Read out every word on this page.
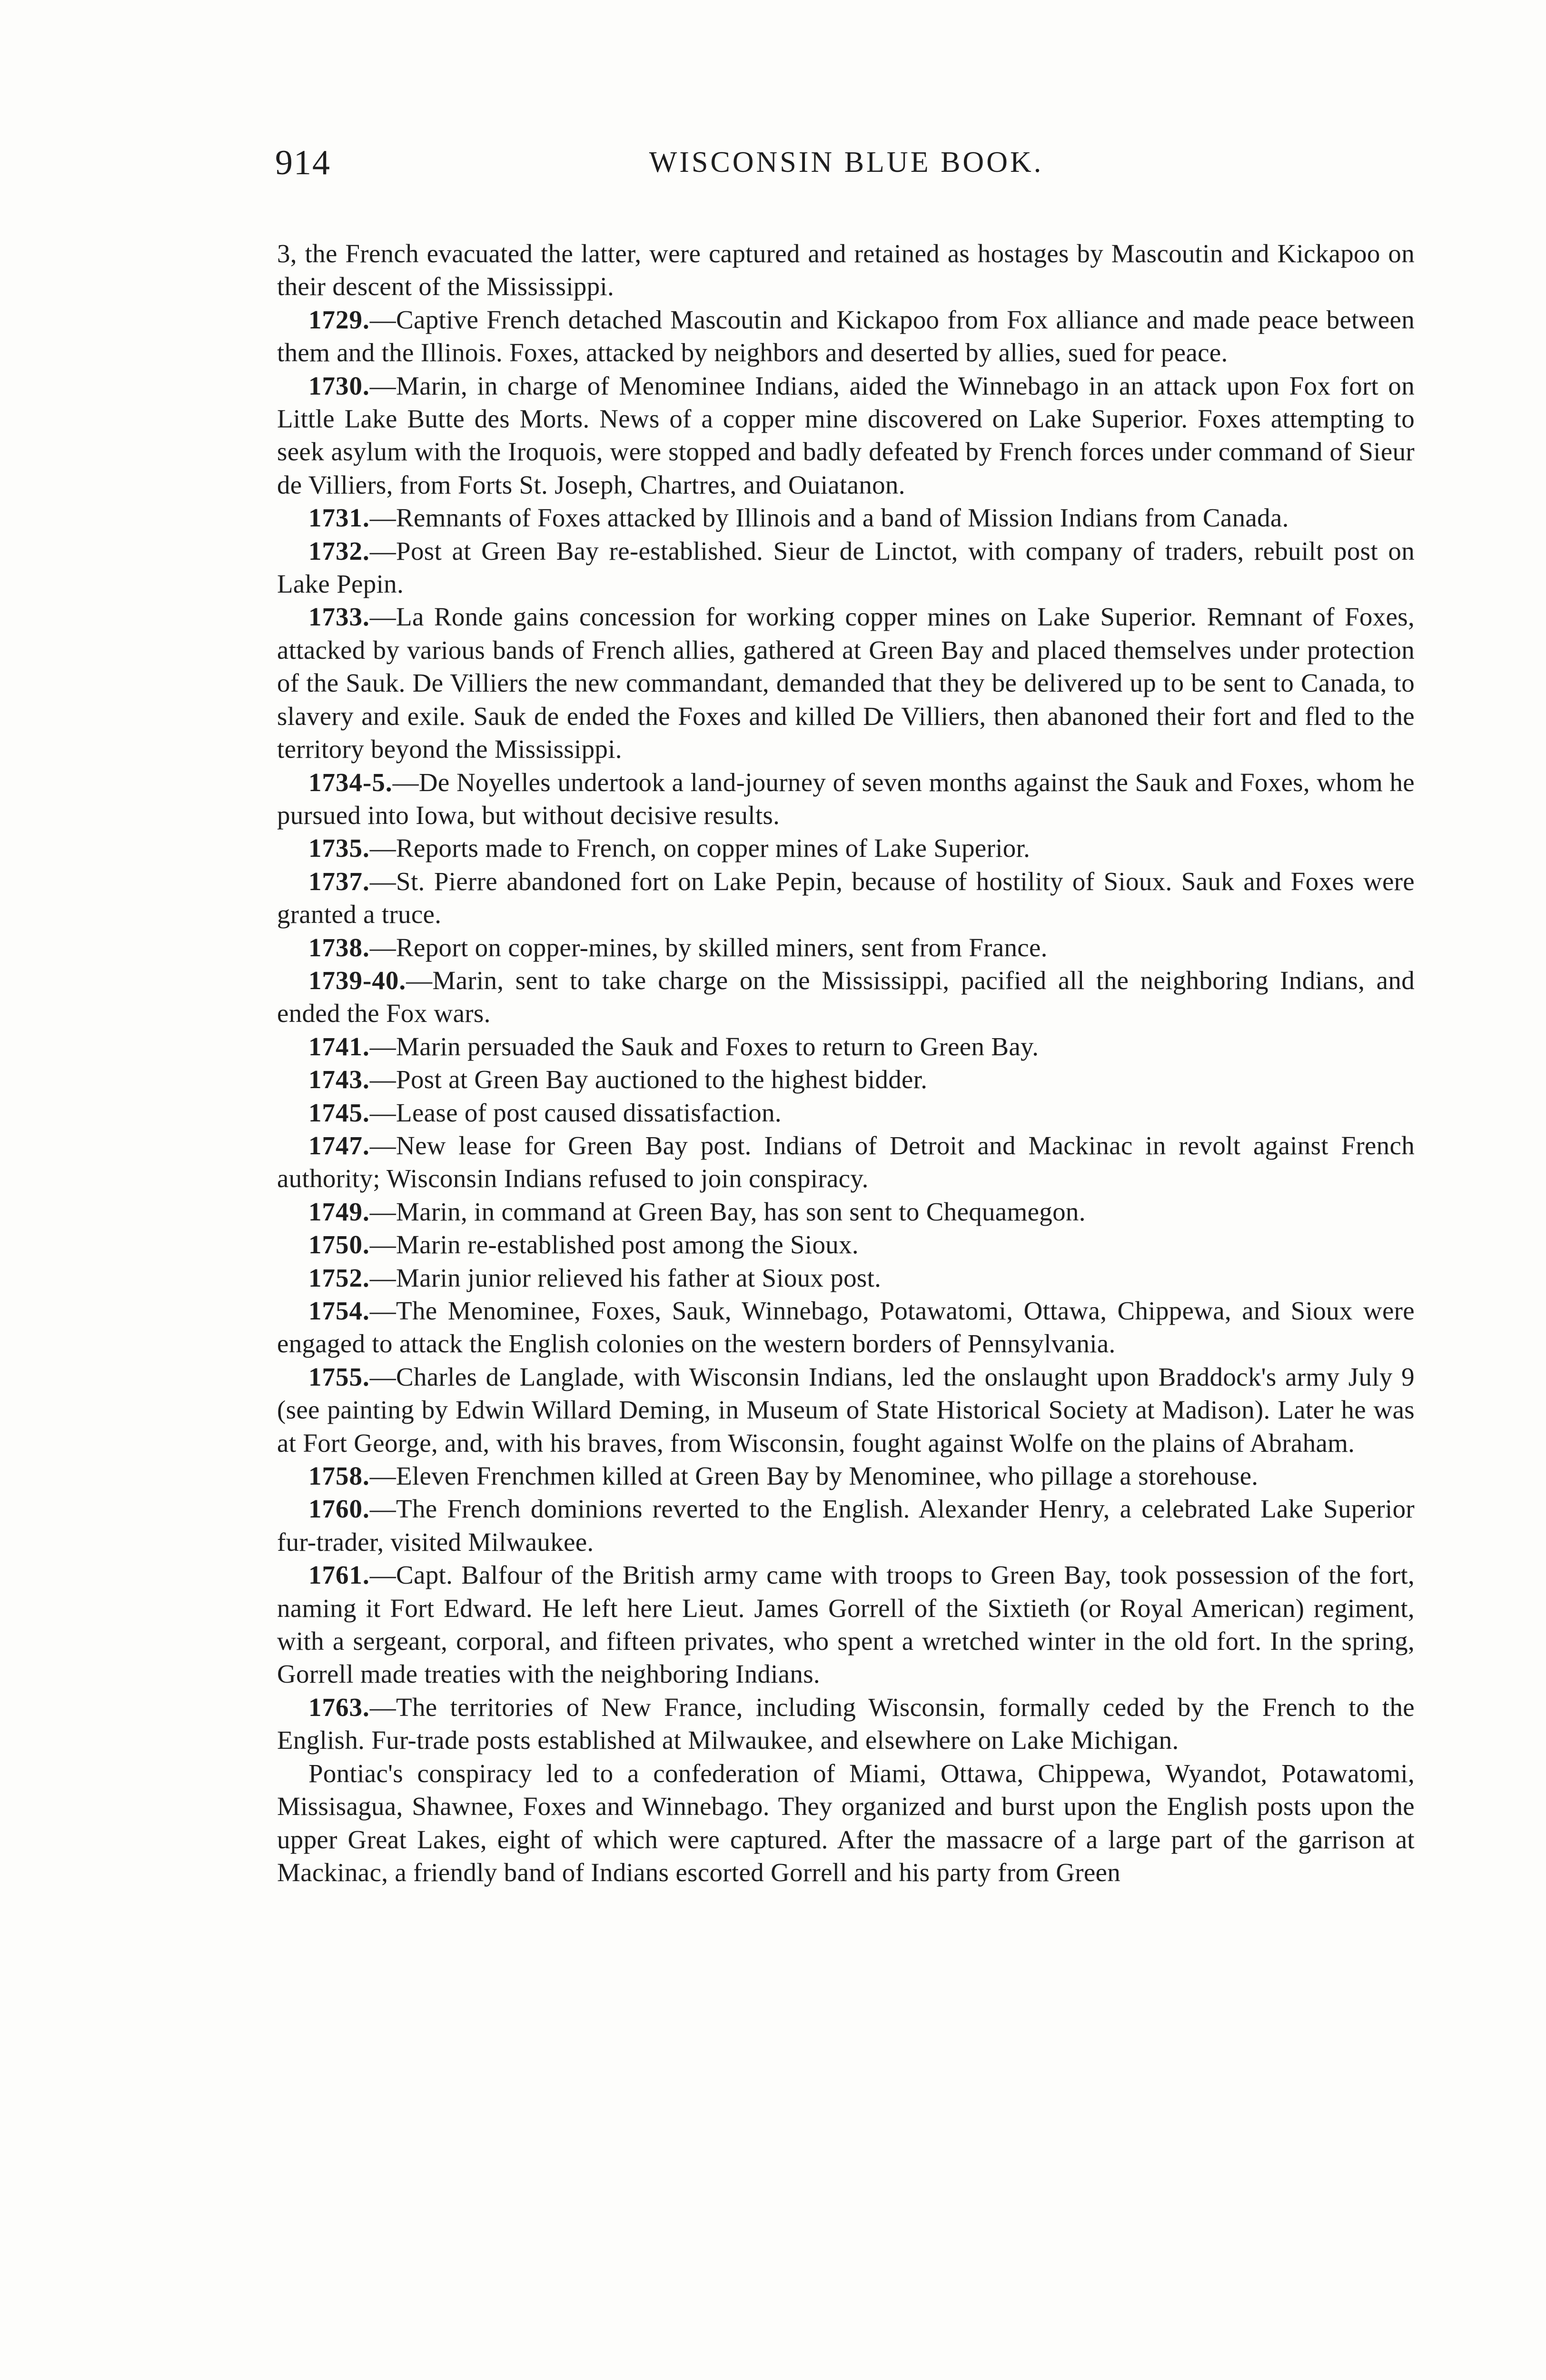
914	WISCONSIN BLUE BOOK.

3, the French evacuated the latter, were captured and retained as hostages by Mascoutin and Kickapoo on their descent of the Mississippi.

1729.—Captive French detached Mascoutin and Kickapoo from Fox alliance and made peace between them and the Illinois. Foxes, attacked by neighbors and deserted by allies, sued for peace.

1730.—Marin, in charge of Menominee Indians, aided the Winnebago in an attack upon Fox fort on Little Lake Butte des Morts. News of a copper mine discovered on Lake Superior. Foxes attempting to seek asylum with the Iroquois, were stopped and badly defeated by French forces under command of Sieur de Villiers, from Forts St. Joseph, Chartres, and Ouiatanon.

1731.—Remnants of Foxes attacked by Illinois and a band of Mission Indians from Canada.

1732.—Post at Green Bay re-established. Sieur de Linctot, with company of traders, rebuilt post on Lake Pepin.

1733.—La Ronde gains concession for working copper mines on Lake Superior. Remnant of Foxes, attacked by various bands of French allies, gathered at Green Bay and placed themselves under protection of the Sauk. De Villiers the new commandant, demanded that they be delivered up to be sent to Canada, to slavery and exile. Sauk de ended the Foxes and killed De Villiers, then abanoned their fort and fled to the territory beyond the Mississippi.

1734-5.—De Noyelles undertook a land-journey of seven months against the Sauk and Foxes, whom he pursued into Iowa, but without decisive results.

1735.—Reports made to French, on copper mines of Lake Superior.

1737.—St. Pierre abandoned fort on Lake Pepin, because of hostility of Sioux. Sauk and Foxes were granted a truce.

1738.—Report on copper-mines, by skilled miners, sent from France.

1739-40.—Marin, sent to take charge on the Mississippi, pacified all the neighboring Indians, and ended the Fox wars.

1741.—Marin persuaded the Sauk and Foxes to return to Green Bay.

1743.—Post at Green Bay auctioned to the highest bidder.

1745.—Lease of post caused dissatisfaction.

1747.—New lease for Green Bay post. Indians of Detroit and Mackinac in revolt against French authority; Wisconsin Indians refused to join conspiracy.

1749.—Marin, in command at Green Bay, has son sent to Chequamegon.

1750.—Marin re-established post among the Sioux.

1752.—Marin junior relieved his father at Sioux post.

1754.—The Menominee, Foxes, Sauk, Winnebago, Potawatomi, Ottawa, Chippewa, and Sioux were engaged to attack the English colonies on the western borders of Pennsylvania.

1755.—Charles de Langlade, with Wisconsin Indians, led the onslaught upon Braddock's army July 9 (see painting by Edwin Willard Deming, in Museum of State Historical Society at Madison). Later he was at Fort George, and, with his braves, from Wisconsin, fought against Wolfe on the plains of Abraham.

1758.—Eleven Frenchmen killed at Green Bay by Menominee, who pillage a storehouse.

1760.—The French dominions reverted to the English. Alexander Henry, a celebrated Lake Superior fur-trader, visited Milwaukee.

1761.—Capt. Balfour of the British army came with troops to Green Bay, took possession of the fort, naming it Fort Edward. He left here Lieut. James Gorrell of the Sixtieth (or Royal American) regiment, with a sergeant, corporal, and fifteen privates, who spent a wretched winter in the old fort. In the spring, Gorrell made treaties with the neighboring Indians.

1763.—The territories of New France, including Wisconsin, formally ceded by the French to the English. Fur-trade posts established at Milwaukee, and elsewhere on Lake Michigan.

Pontiac's conspiracy led to a confederation of Miami, Ottawa, Chippewa, Wyandot, Potawatomi, Missisagua, Shawnee, Foxes and Winnebago. They organized and burst upon the English posts upon the upper Great Lakes, eight of which were captured. After the massacre of a large part of the garrison at Mackinac, a friendly band of Indians escorted Gorrell and his party from Green
